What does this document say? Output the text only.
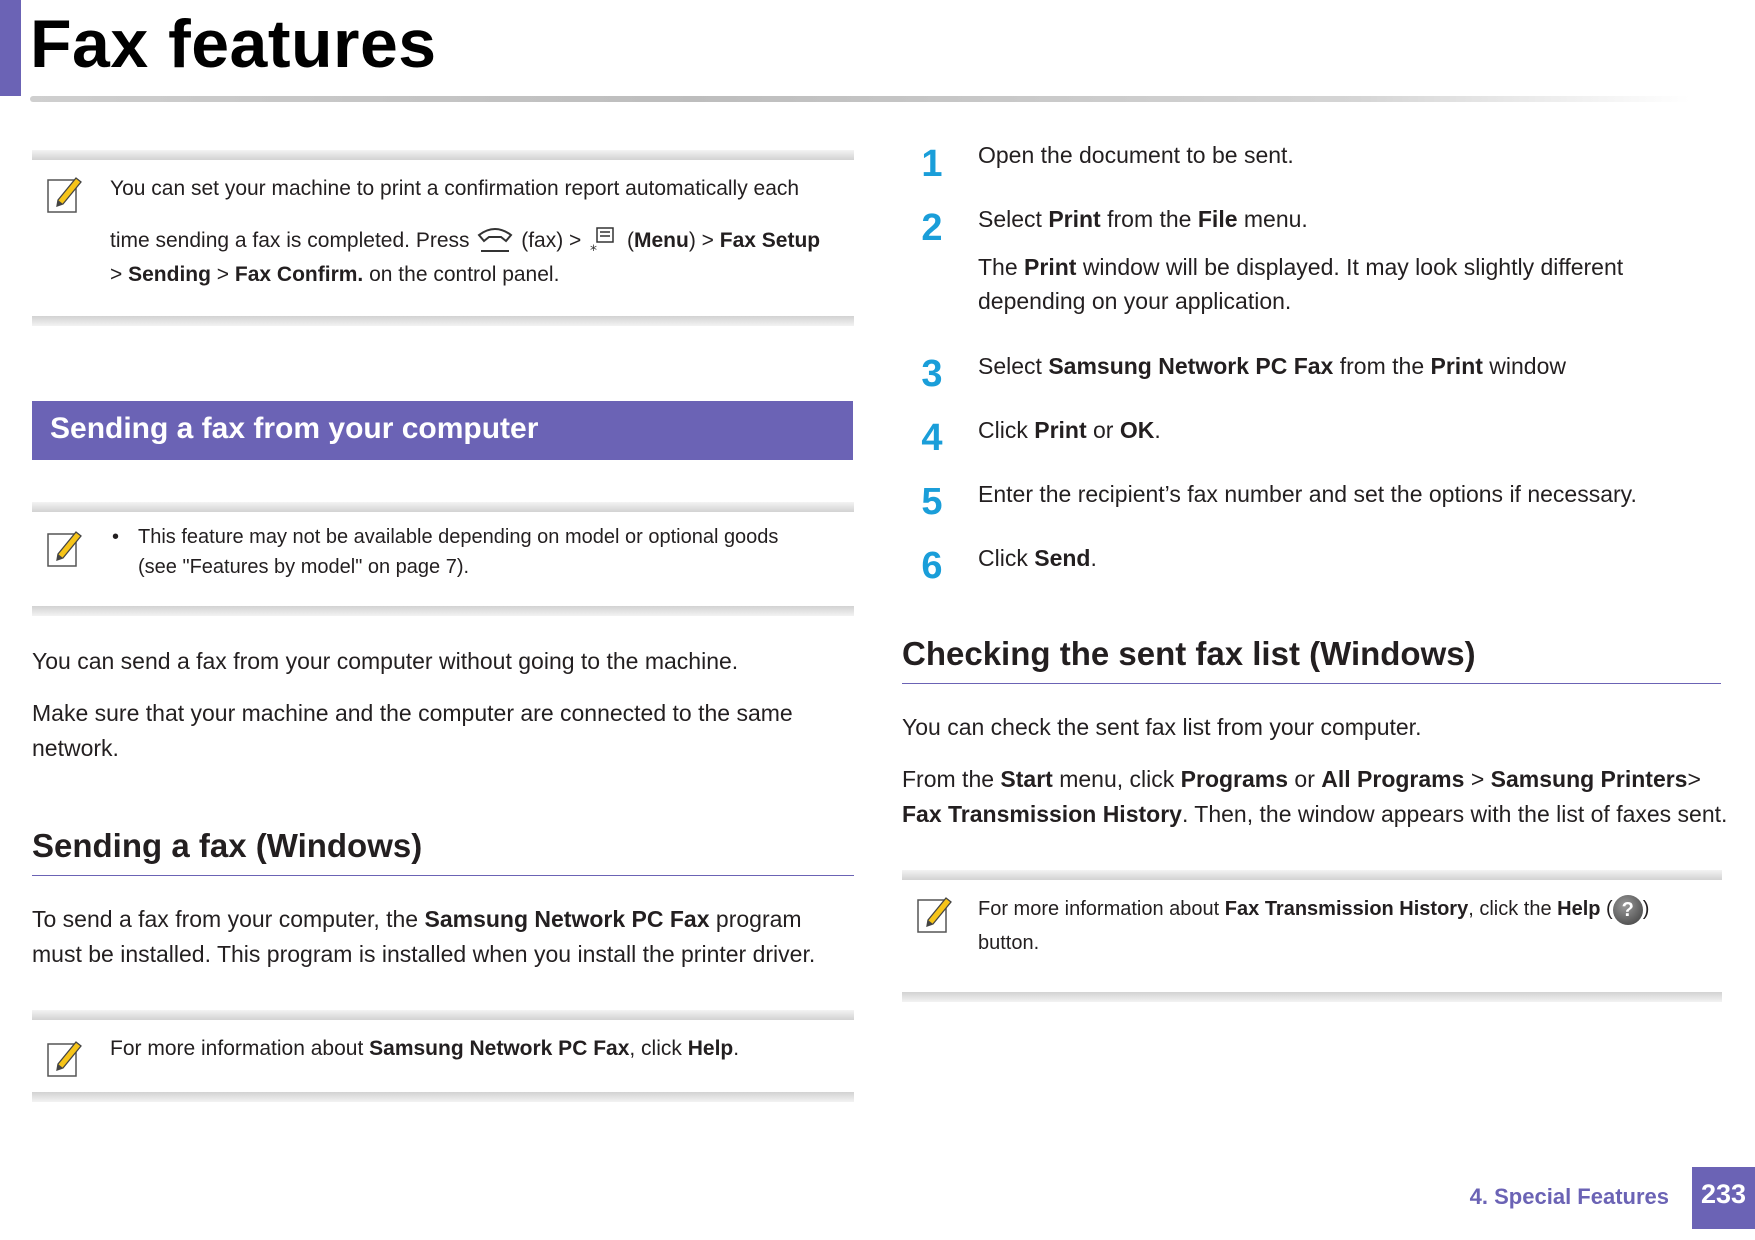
Fax features
You can set your machine to print a confirmation report automatically each
time sending a fax is completed. Press (fax) > * (Menu) > Fax Setup
> Sending > Fax Confirm. on the control panel.
Sending a fax from your computer
• This feature may not be available depending on model or optional goods
(see "Features by model" on page 7).
You can send a fax from your computer without going to the machine.
Make sure that your machine and the computer are connected to the same
network.
Sending a fax (Windows)
To send a fax from your computer, the Samsung Network PC Fax program
must be installed. This program is installed when you install the printer driver.
For more information about Samsung Network PC Fax, click Help.
1	Open the document to be sent.
2	Select Print from the File menu.
The Print window will be displayed. It may look slightly different
depending on your application.
3	Select Samsung Network PC Fax from the Print window
4	Click Print or OK.
5	Enter the recipient’s fax number and set the options if necessary.
6	Click Send.
Checking the sent fax list (Windows)
You can check the sent fax list from your computer.
From the Start menu, click Programs or All Programs > Samsung Printers>
Fax Transmission History. Then, the window appears with the list of faxes sent.
For more information about Fax Transmission History, click the Help ( ? )
button.
4. Special Features	233
